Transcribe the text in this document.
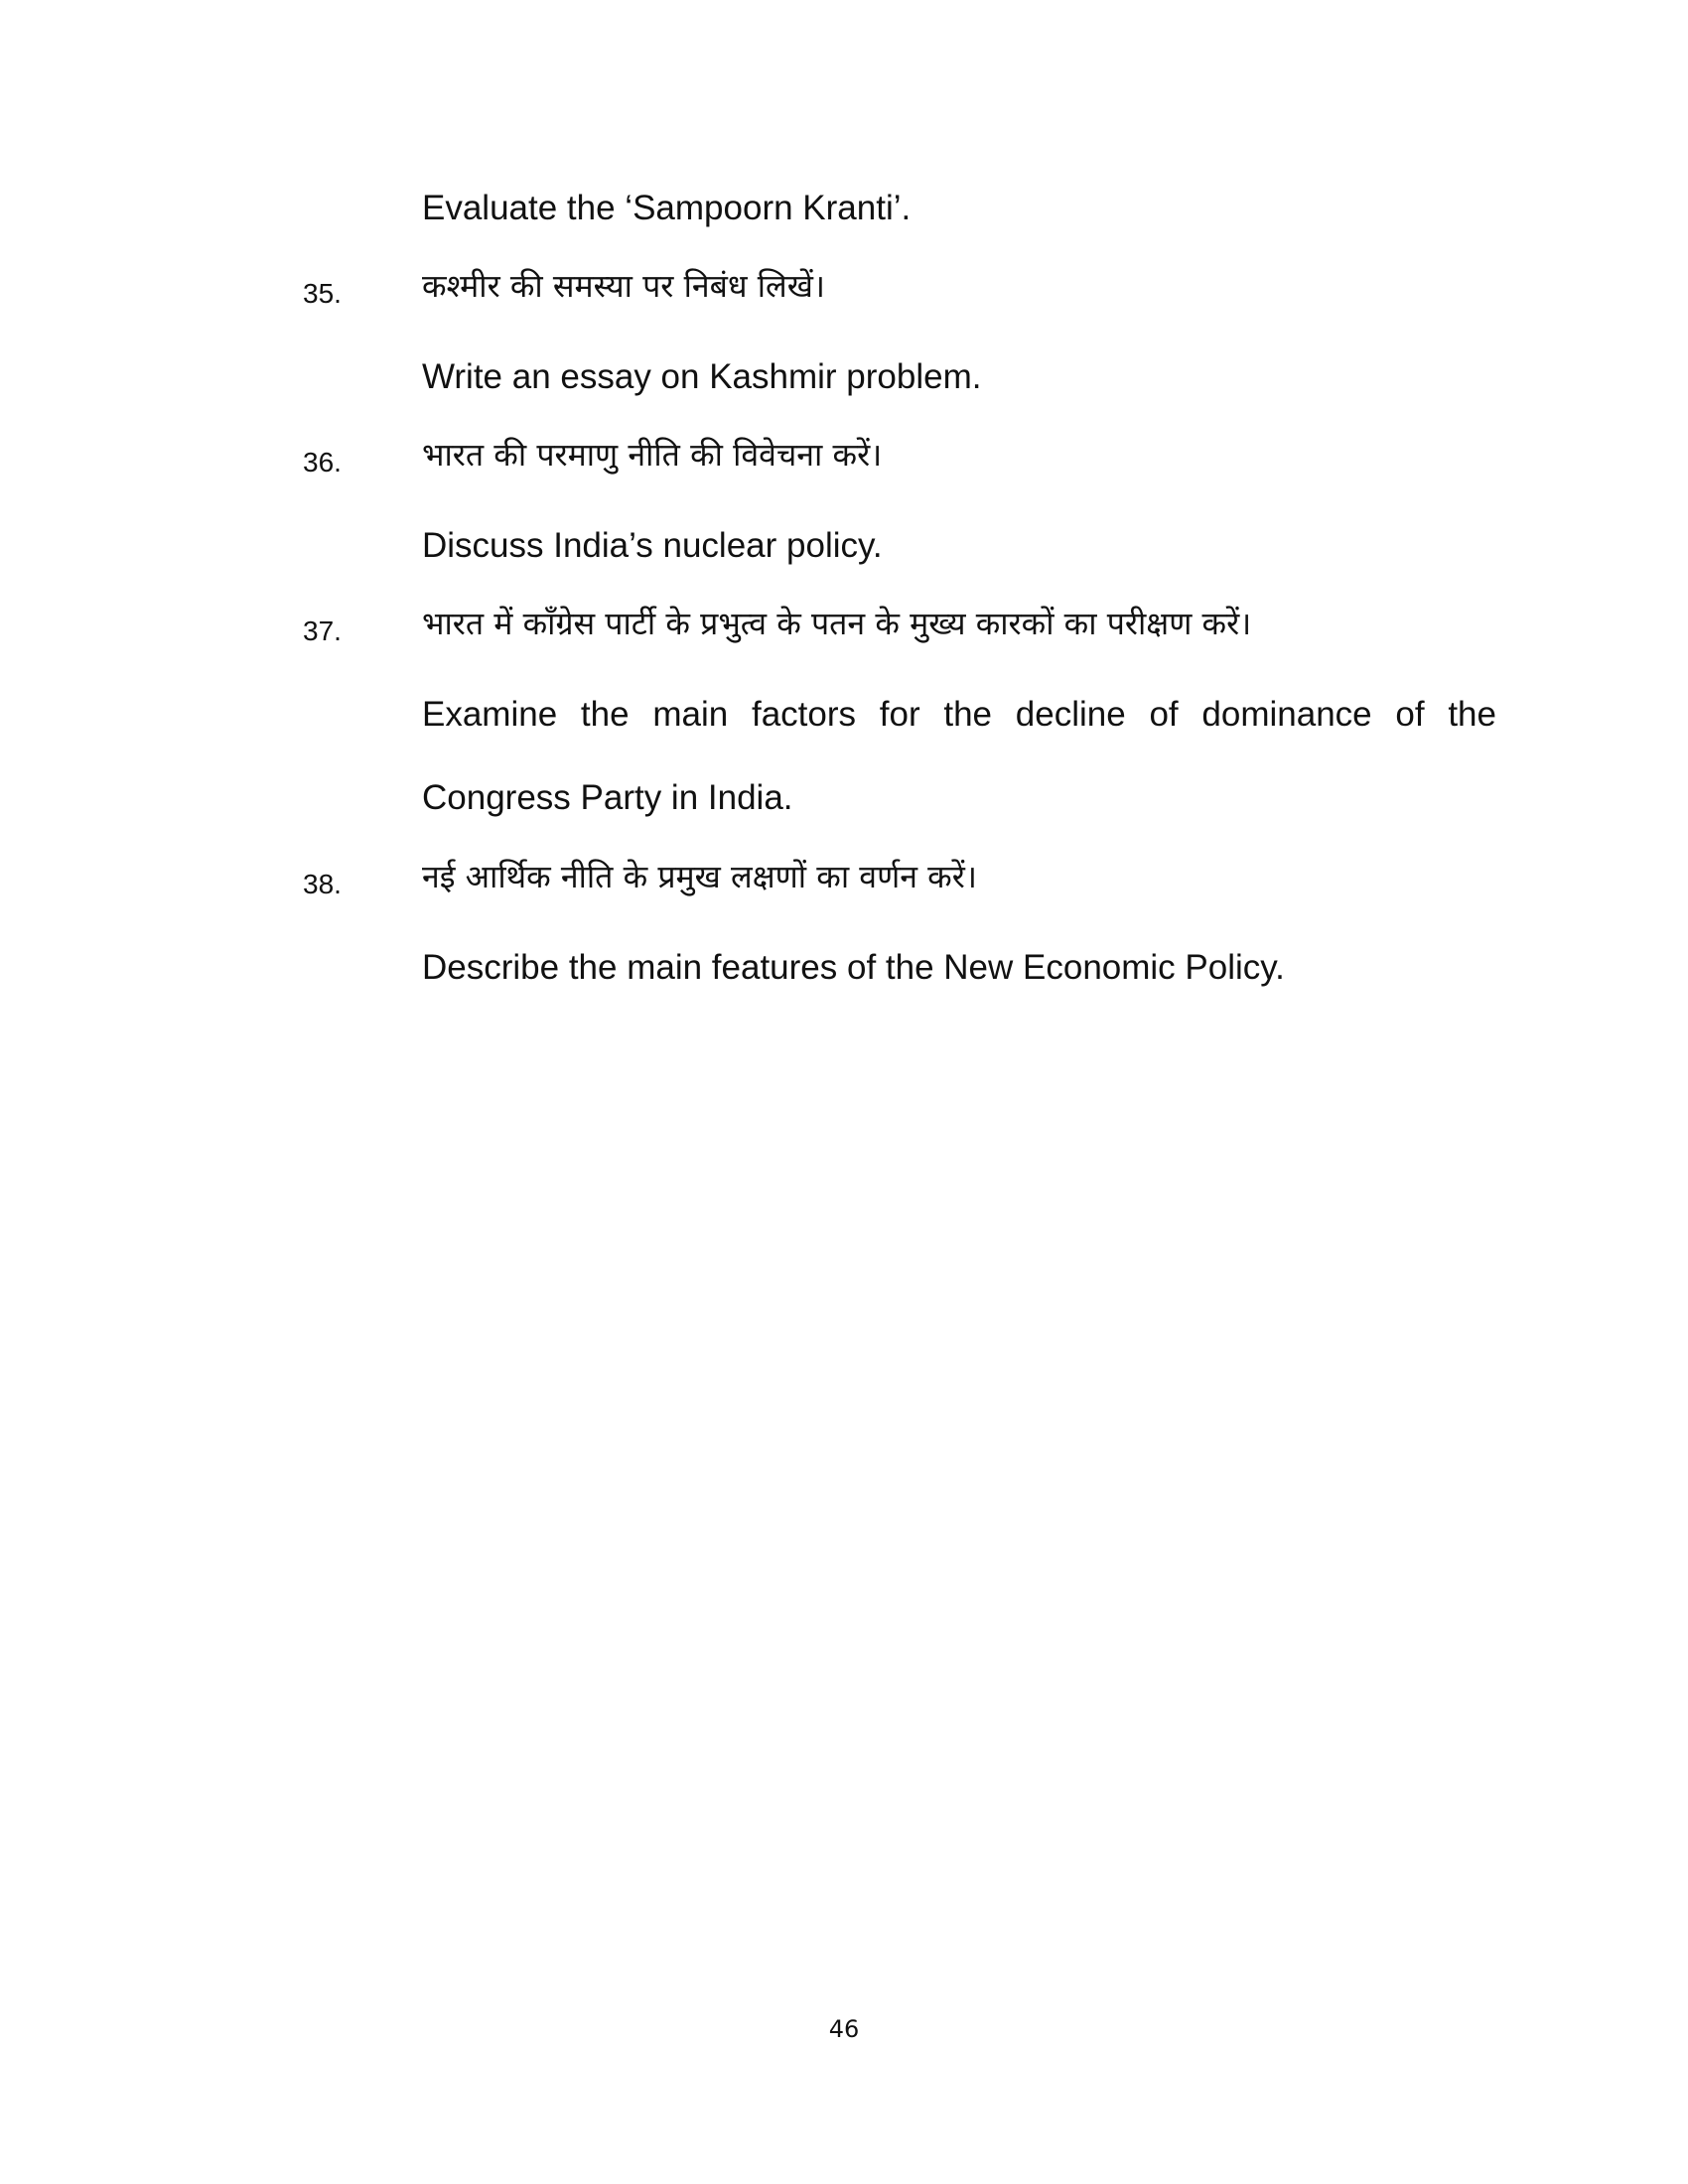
Evaluate the ‘Sampoorn Kranti’.
35.	कश्मीर की समस्या पर निबंध लिखें।
Write an essay on Kashmir problem.
36.	भारत की परमाणु नीति की विवेचना करें।
Discuss India’s nuclear policy.
37.	भारत में कॉंग्रेस पार्टी के प्रभुत्व के पतन के मुख्य कारकों का परीक्षण करें।
Examine the main factors for the decline of dominance of the
Congress Party in India.
38.	नई आर्थिक नीति के प्रमुख लक्षणों का वर्णन करें।
Describe the main features of the New Economic Policy.
46
